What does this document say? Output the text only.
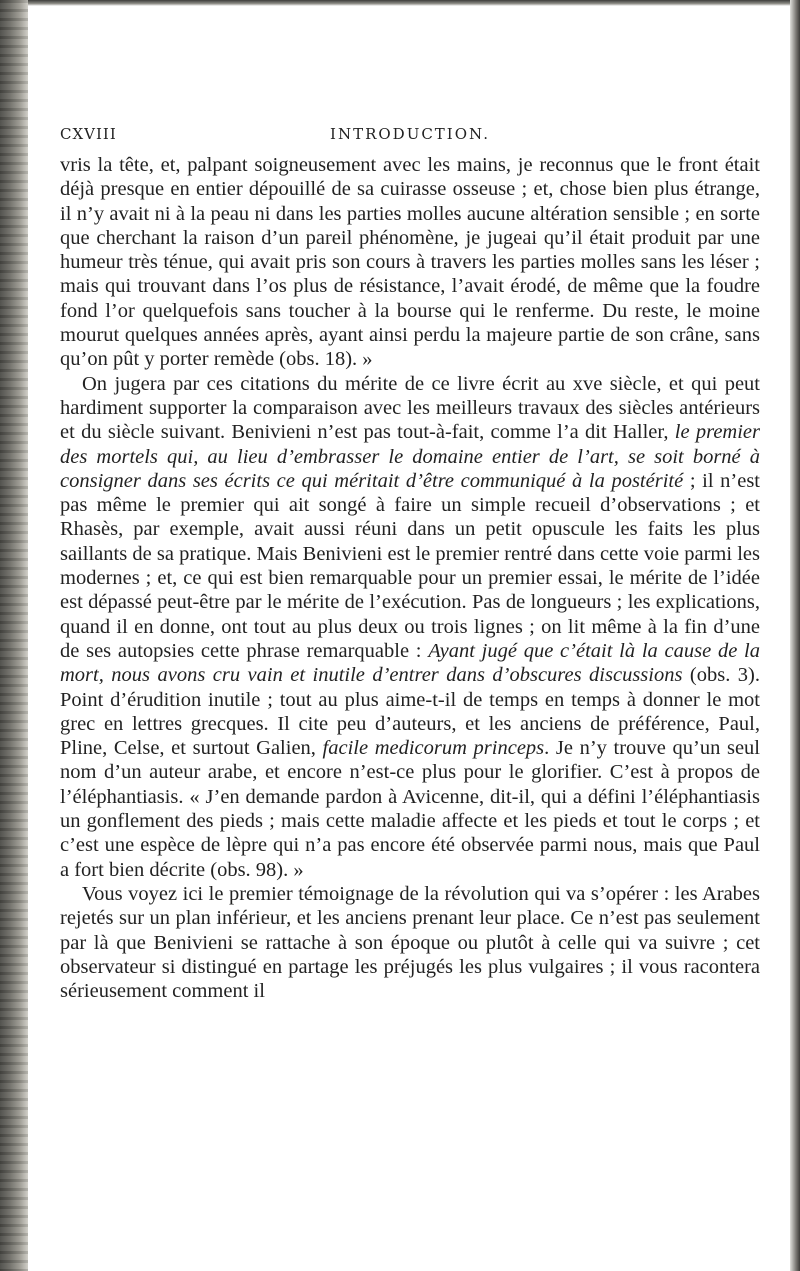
CXVIII	INTRODUCTION.

vris la tête, et, palpant soigneusement avec les mains, je reconnus que le front était déjà presque en entier dépouillé de sa cuirasse osseuse ; et, chose bien plus étrange, il n’y avait ni à la peau ni dans les parties molles aucune altération sensible ; en sorte que cherchant la raison d’un pareil phénomène, je jugeai qu’il était produit par une humeur très ténue, qui avait pris son cours à travers les parties molles sans les léser ; mais qui trouvant dans l’os plus de résistance, l’avait érodé, de même que la foudre fond l’or quelquefois sans toucher à la bourse qui le renferme. Du reste, le moine mourut quelques années après, ayant ainsi perdu la majeure partie de son crâne, sans qu’on pût y porter remède (obs. 18). »

On jugera par ces citations du mérite de ce livre écrit au xve siècle, et qui peut hardiment supporter la comparaison avec les meilleurs travaux des siècles antérieurs et du siècle suivant. Benivieni n’est pas tout-à-fait, comme l’a dit Haller, le premier des mortels qui, au lieu d’embrasser le domaine entier de l’art, se soit borné à consigner dans ses écrits ce qui méritait d’être communiqué à la postérité ; il n’est pas même le premier qui ait songé à faire un simple recueil d’observations ; et Rhasès, par exemple, avait aussi réuni dans un petit opuscule les faits les plus saillants de sa pratique. Mais Benivieni est le premier rentré dans cette voie parmi les modernes ; et, ce qui est bien remarquable pour un premier essai, le mérite de l’idée est dépassé peut-être par le mérite de l’exécution. Pas de longueurs ; les explications, quand il en donne, ont tout au plus deux ou trois lignes ; on lit même à la fin d’une de ses autopsies cette phrase remarquable : Ayant jugé que c’était là la cause de la mort, nous avons cru vain et inutile d’entrer dans d’obscures discussions (obs. 3). Point d’érudition inutile ; tout au plus aime-t-il de temps en temps à donner le mot grec en lettres grecques. Il cite peu d’auteurs, et les anciens de préférence, Paul, Pline, Celse, et surtout Galien, facile medicorum princeps. Je n’y trouve qu’un seul nom d’un auteur arabe, et encore n’est-ce plus pour le glorifier. C’est à propos de l’éléphantiasis. « J’en demande pardon à Avicenne, dit-il, qui a défini l’éléphantiasis un gonflement des pieds ; mais cette maladie affecte et les pieds et tout le corps ; et c’est une espèce de lèpre qui n’a pas encore été observée parmi nous, mais que Paul a fort bien décrite (obs. 98). »

Vous voyez ici le premier témoignage de la révolution qui va s’opérer : les Arabes rejetés sur un plan inférieur, et les anciens prenant leur place. Ce n’est pas seulement par là que Benivieni se rattache à son époque ou plutôt à celle qui va suivre ; cet observateur si distingué en partage les préjugés les plus vulgaires ; il vous racontera sérieusement comment il
